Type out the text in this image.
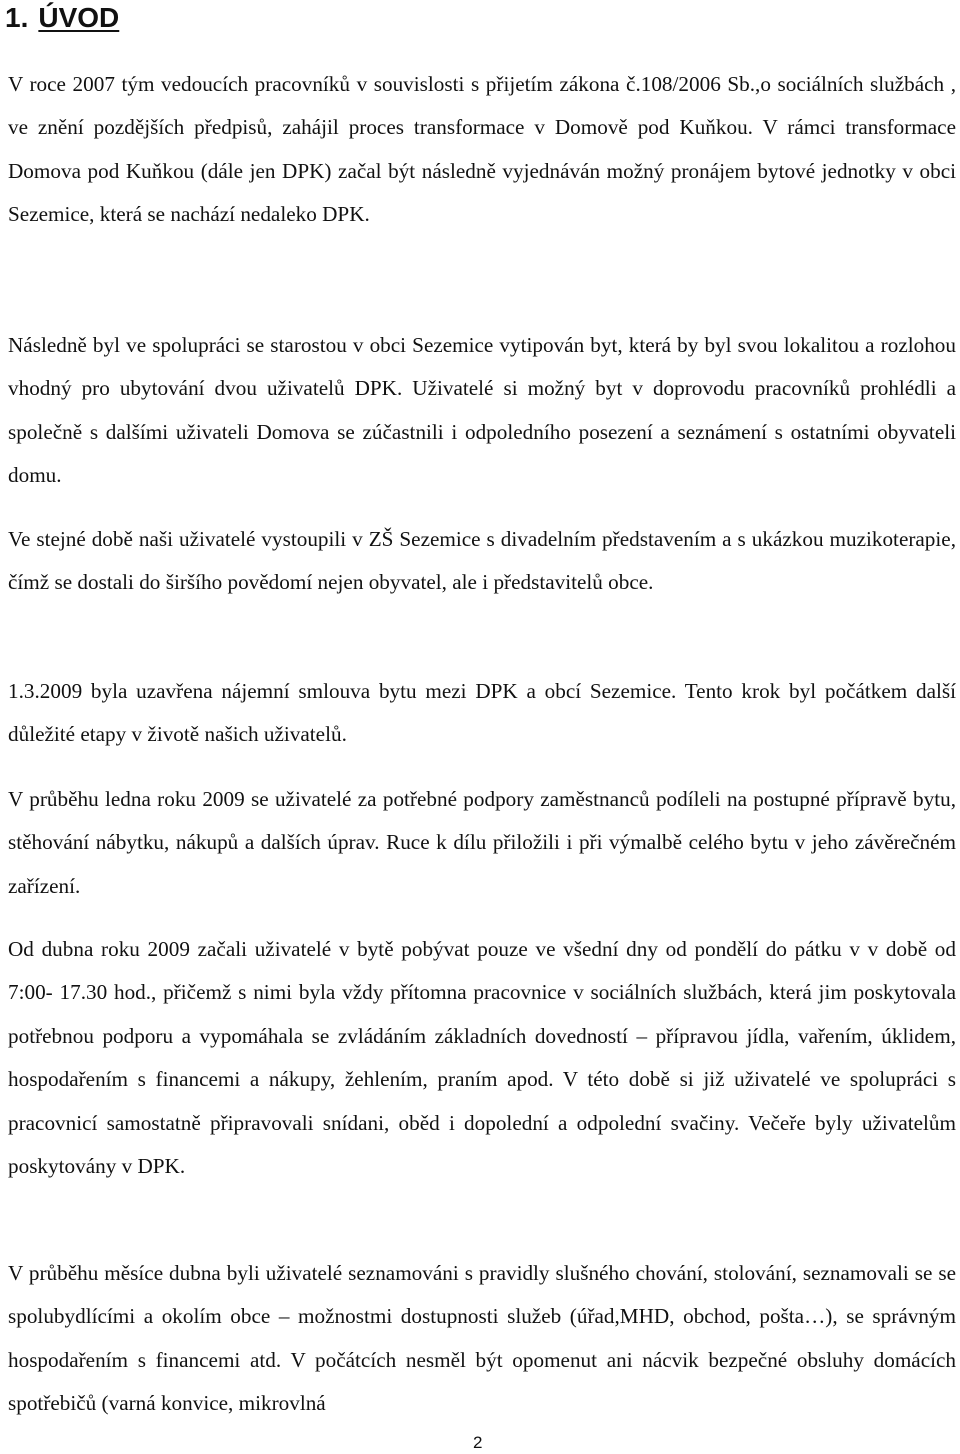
1. ÚVOD

V roce 2007 tým vedoucích pracovníků v souvislosti s přijetím zákona č.108/2006 Sb.,o sociálních službách , ve znění pozdějších předpisů, zahájil proces transformace v Domově pod Kuňkou. V rámci transformace Domova pod Kuňkou (dále jen DPK) začal být následně vyjednáván možný pronájem bytové jednotky v obci Sezemice, která se nachází nedaleko DPK.

Následně byl ve spolupráci se starostou v obci Sezemice vytipován byt, která by byl svou lokalitou a rozlohou vhodný pro ubytování dvou uživatelů DPK. Uživatelé si možný byt v doprovodu pracovníků prohlédli a společně s dalšími uživateli Domova se zúčastnili i odpoledního posezení a seznámení s ostatními obyvateli domu.

Ve stejné době naši uživatelé vystoupili v ZŠ Sezemice s divadelním představením a s ukázkou muzikoterapie, čímž se dostali do širšího povědomí nejen obyvatel, ale i představitelů obce.

1.3.2009 byla uzavřena nájemní smlouva bytu mezi DPK a obcí Sezemice. Tento krok byl počátkem další důležité etapy v životě našich uživatelů.

V průběhu ledna roku 2009 se uživatelé za potřebné podpory zaměstnanců podíleli na postupné přípravě bytu, stěhování nábytku, nákupů a dalších úprav. Ruce k dílu přiložili i při výmalbě celého bytu v jeho závěrečném zařízení.

Od dubna roku 2009 začali uživatelé v bytě pobývat pouze ve všední dny od pondělí do pátku v v době od 7:00- 17.30 hod., přičemž s nimi byla vždy přítomna pracovnice v sociálních službách, která jim poskytovala potřebnou podporu a vypomáhala se zvládáním základních dovedností – přípravou jídla, vařením, úklidem, hospodařením s financemi a nákupy, žehlením, praním apod. V této době si již uživatelé ve spolupráci s pracovnicí samostatně připravovali snídani, oběd i dopolední a odpolední svačiny. Večeře byly uživatelům poskytovány v DPK.

V průběhu měsíce dubna byli uživatelé seznamováni s pravidly slušného chování, stolování, seznamovali se se spolubydlícími a okolím obce – možnostmi dostupnosti služeb (úřad,MHD, obchod, pošta…), se správným hospodařením s financemi atd. V počátcích nesměl být opomenut ani nácvik bezpečné obsluhy domácích spotřebičů (varná konvice, mikrovlná

2
